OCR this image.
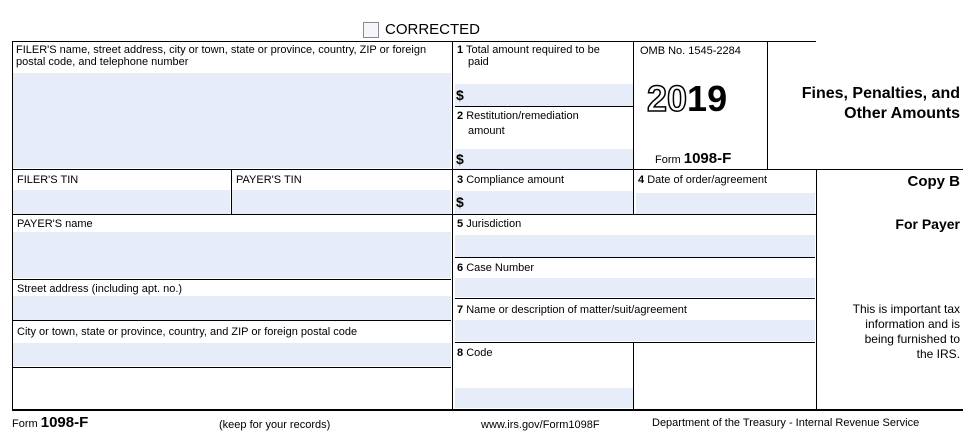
CORRECTED
FILER'S name, street address, city or town, state or province, country, ZIP or foreign postal code, and telephone number
1 Total amount required to be
paid
$
2 Restitution/remediation
amount
$
OMB No. 1545-2284
2019
Form 1098-F
Fines, Penalties, and
Other Amounts
FILER'S TIN	PAYER'S TIN	3 Compliance amount
$
4 Date of order/agreement
PAYER'S name
Street address (including apt. no.)
City or town, state or province, country, and ZIP or foreign postal code
5 Jurisdiction
6 Case Number
7 Name or description of matter/suit/agreement
8 Code
Copy B
For Payer
This is important tax
information and is
being furnished to
the IRS.
Form 1098-F	(keep for your records)	www.irs.gov/Form1098F	Department of the Treasury - Internal Revenue Service
